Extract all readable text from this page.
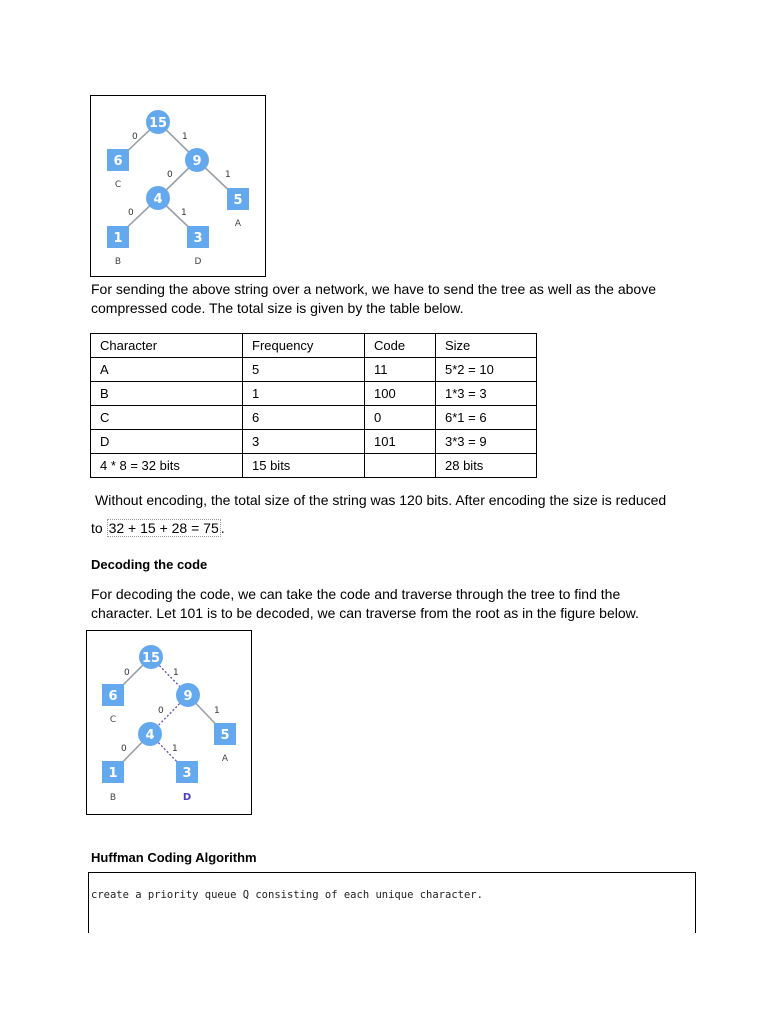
0	1
0	1
0	1
15
9
4
6
5
1	3
C
A
B	D
For sending the above string over a network, we have to send the tree as well as the above compressed code. The total size is given by the table below.
Character	Frequency	Code	Size
A	5	11	5*2 = 10
B	1	100	1*3 = 3
C	6	0	6*1 = 6
D	3	101	3*3 = 9
4 * 8 = 32 bits	15 bits		28 bits
Without encoding, the total size of the string was 120 bits. After encoding the size is reduced
to 32 + 15 + 28 = 75 .
Decoding the code
For decoding the code, we can take the code and traverse through the tree to find the character. Let 101 is to be decoded, we can traverse from the root as in the figure below.
0	1
0	1
0	1
15
9
4
6
5
1	3
C
A
B	D
Huffman Coding Algorithm
create a priority queue Q consisting of each unique character.
